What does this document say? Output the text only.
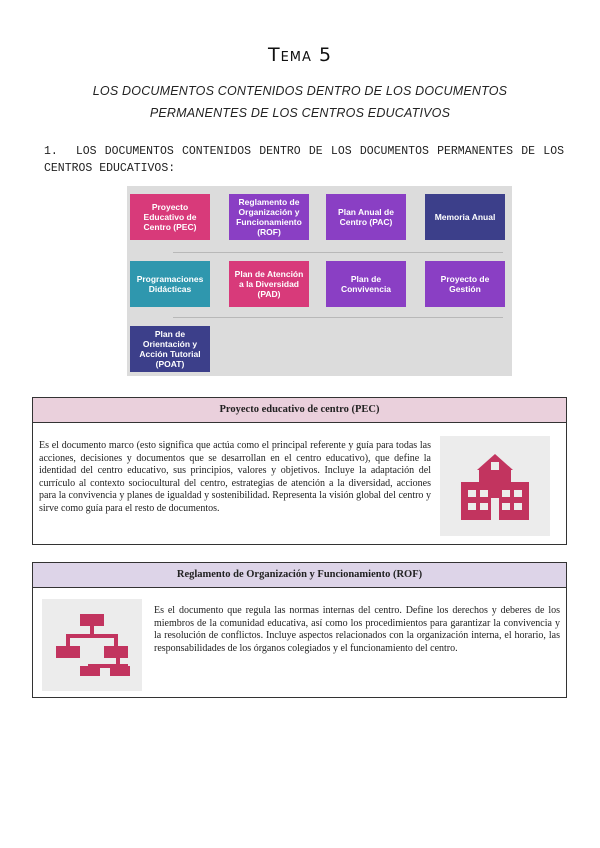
Tema 5
LOS DOCUMENTOS CONTENIDOS DENTRO DE LOS DOCUMENTOS
PERMANENTES DE LOS CENTROS EDUCATIVOS
1. LOS DOCUMENTOS CONTENIDOS DENTRO DE LOS DOCUMENTOS PERMANENTES DE LOS CENTROS EDUCATIVOS:
Proyecto Educativo de Centro (PEC)
Reglamento de Organización y Funcionamiento (ROF)
Plan Anual de Centro (PAC)	Memoria Anual
Programaciones Didácticas
Plan de Atención a la Diversidad (PAD)
Plan de Convivencia
Proyecto de Gestión
Plan de Orientación y Acción Tutorial (POAT)
Proyecto educativo de centro (PEC)
Es el documento marco (esto significa que actúa como el principal referente y guía para todas las acciones, decisiones y documentos que se desarrollan en el centro educativo), que define la identidad del centro educativo, sus principios, valores y objetivos. Incluye la adaptación del currículo al contexto sociocultural del centro, estrategias de atención a la diversidad, acciones para la convivencia y planes de igualdad y sostenibilidad. Representa la visión global del centro y sirve como guía para el resto de documentos.
Reglamento de Organización y Funcionamiento (ROF)
Es el documento que regula las normas internas del centro. Define los derechos y deberes de los miembros de la comunidad educativa, así como los procedimientos para garantizar la convivencia y la resolución de conflictos. Incluye aspectos relacionados con la organización interna, el horario, las responsabilidades de los órganos colegiados y el funcionamiento del centro.
